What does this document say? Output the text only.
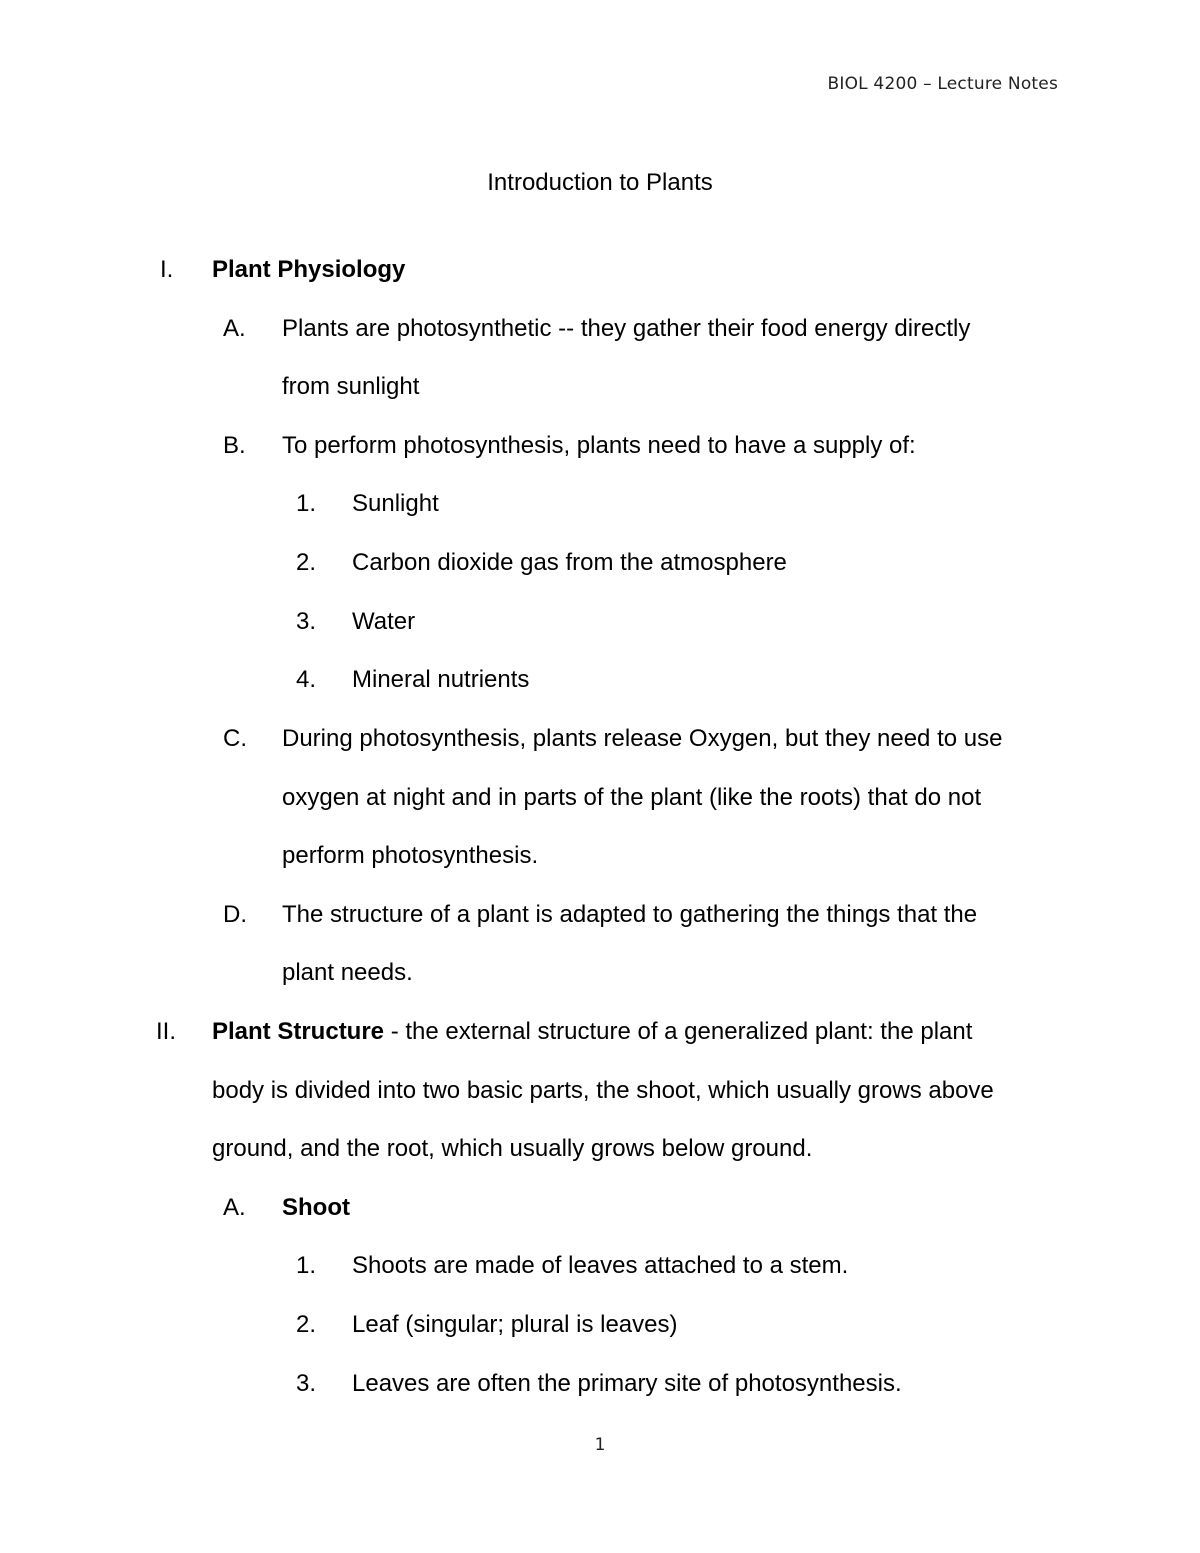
BIOL 4200 – Lecture Notes
Introduction to Plants
I. Plant Physiology
A. Plants are photosynthetic -- they gather their food energy directly
from sunlight
B. To perform photosynthesis, plants need to have a supply of:
1. Sunlight
2. Carbon dioxide gas from the atmosphere
3. Water
4. Mineral nutrients
C. During photosynthesis, plants release Oxygen, but they need to use
oxygen at night and in parts of the plant (like the roots) that do not
perform photosynthesis.
D. The structure of a plant is adapted to gathering the things that the
plant needs.
II. Plant Structure - the external structure of a generalized plant: the plant
body is divided into two basic parts, the shoot, which usually grows above
ground, and the root, which usually grows below ground.
A. Shoot
1. Shoots are made of leaves attached to a stem.
2. Leaf (singular; plural is leaves)
3. Leaves are often the primary site of photosynthesis.
1
